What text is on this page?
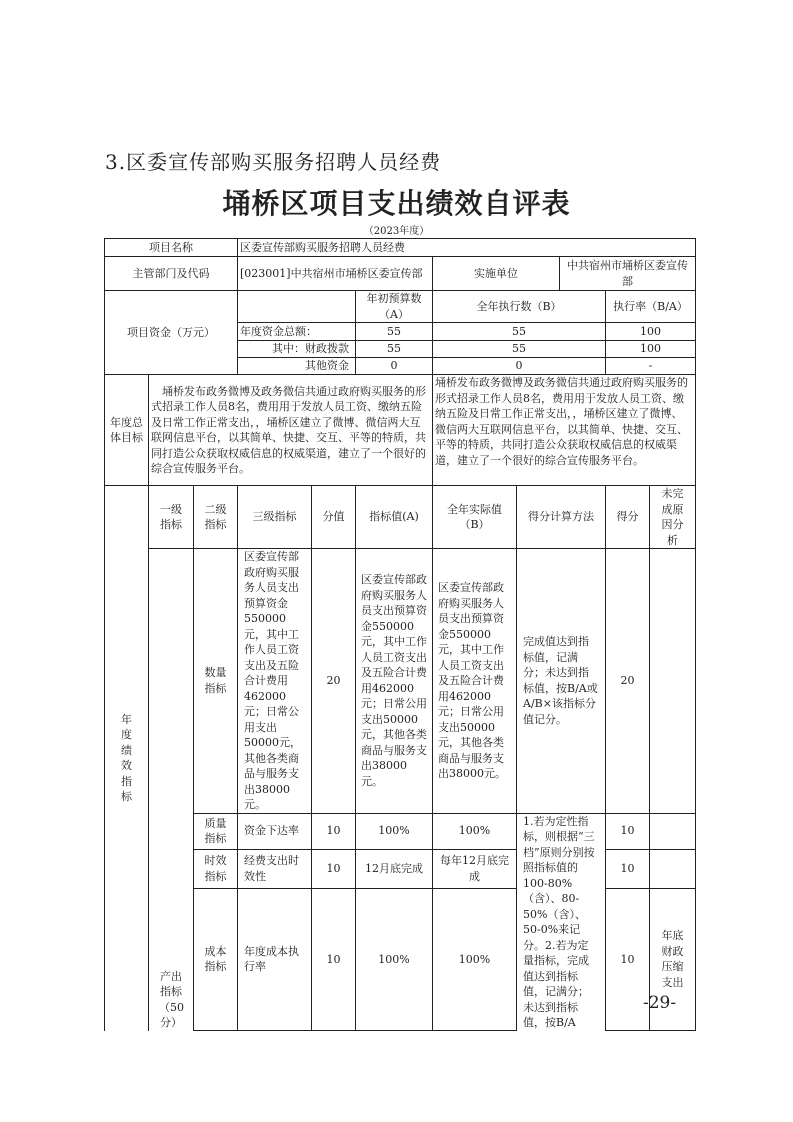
3.区委宣传部购买服务招聘人员经费
埇桥区项目支出绩效自评表
（2023年度）
项目名称			区委宣传部购买服务招聘人员经费							
主管部门及代码			[023001]中共宿州市埇桥区委宣传部			实施单位		中共宿州市埇桥区委宣传部		
项目资金（万元）					年初预算数（A）	全年执行数（B）			执行率（B/A）	
			年度资金总额：		55	55			100	
			其中：财政拨款		55	55			100	
			其他资金		0	0			-	
年度总体目标	埇桥发布政务微博及政务微信共通过政府购买服务的形式招录工作人员8名，费用用于发放人员工资、缴纳五险及日常工作正常支出，，埇桥区建立了微博、微信两大互联网信息平台，以其简单、快捷、交互、平等的特质，共同打造公众获取权威信息的权威渠道，建立了一个很好的综合宣传服务平台。					埇桥发布政务微博及政务微信共通过政府购买服务的形式招录工作人员8名，费用用于发放人员工资、缴纳五险及日常工作正常支出，，埇桥区建立了微博、微信两大互联网信息平台，以其简单、快捷、交互、平等的特质，共同打造公众获取权威信息的权威渠道，建立了一个很好的综合宣传服务平台。				
年度绩效指标	一级指标	二级指标	三级指标	分值	指标值(A)	全年实际值（B）	得分计算方法		得分	未完成原因分析
	产出指标（50分）	数量指标	区委宣传部政府购买服务人员支出预算资金550000元，其中工作人员工资支出及五险合计费用462000元；日常公用支出50000元，其他各类商品与服务支出38000元。	20	区委宣传部政府购买服务人员支出预算资金550000元，其中工作人员工资支出及五险合计费用462000元；日常公用支出50000元，其他各类商品与服务支出38000元。	区委宣传部政府购买服务人员支出预算资金550000元，其中工作人员工资支出及五险合计费用462000元；日常公用支出50000元，其他各类商品与服务支出38000元。	完成值达到指标值，记满分；未达到指标值，按B/A或A/B×该指标分值记分。		20	
		质量指标	资金下达率	10	100%	100%	1.若为定性指标，则根据“三档”原则分别按照指标值的100-80%（含）、80-50%（含）、50-0%来记分。2.若为定量指标，完成值达到指标值，记满分；未达到指标值，按B/A		10	
		时效指标	经费支出时效性	10	12月底完成	每年12月底完成			10	
		成本指标	年度成本执行率	10	100%	100%			10	年底财政压缩支出
-29-
